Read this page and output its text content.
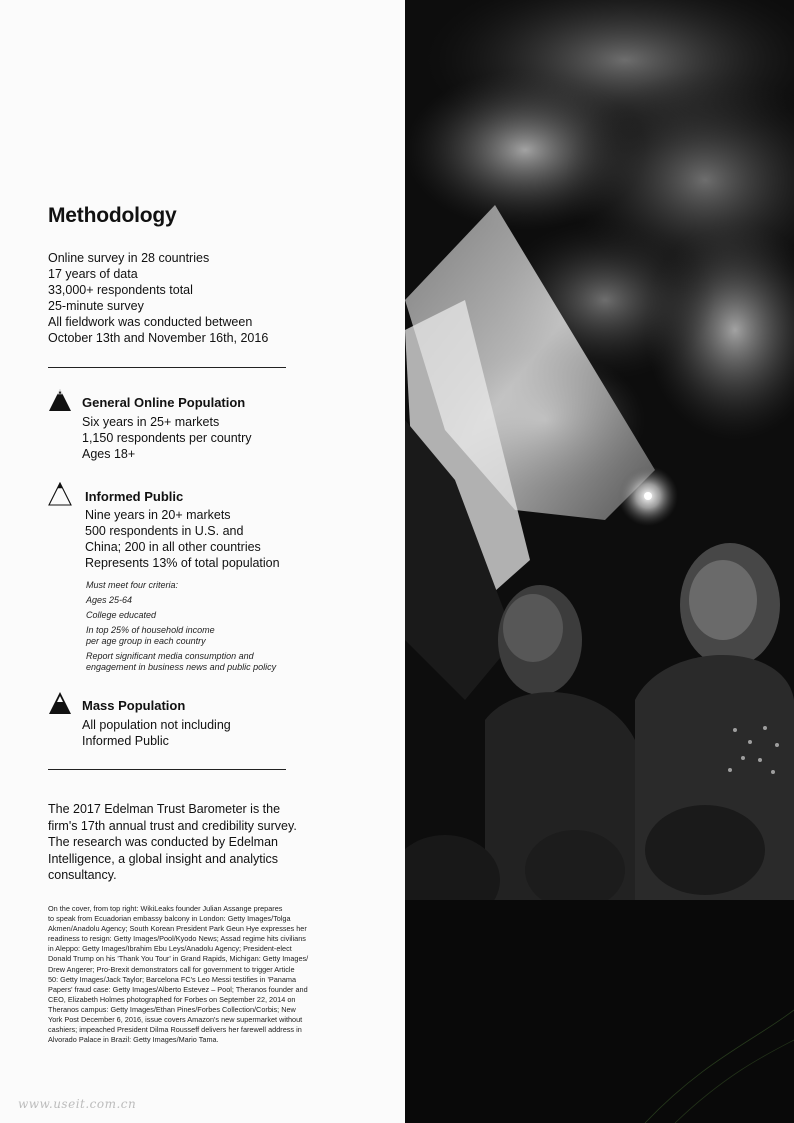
Methodology
Online survey in 28 countries
17 years of data
33,000+ respondents total
25-minute survey
All fieldwork was conducted between
October 13th and November 16th, 2016
General Online Population
Six years in 25+ markets
1,150 respondents per country
Ages 18+
Informed Public
Nine years in 20+ markets
500 respondents in U.S. and
China; 200 in all other countries
Represents 13% of total population
Must meet four criteria:
Ages 25-64
College educated
In top 25% of household income
per age group in each country
Report significant media consumption and
engagement in business news and public policy
Mass Population
All population not including
Informed Public
The 2017 Edelman Trust Barometer is the
firm's 17th annual trust and credibility survey.
The research was conducted by Edelman
Intelligence, a global insight and analytics
consultancy.
On the cover, from top right: WikiLeaks founder Julian Assange prepares
to speak from Ecuadorian embassy balcony in London: Getty Images/Tolga
Akmen/Anadolu Agency; South Korean President Park Geun Hye expresses her
readiness to resign: Getty Images/Pool/Kyodo News; Assad regime hits civilians
in Aleppo: Getty Images/Ibrahim Ebu Leys/Anadolu Agency; President-elect
Donald Trump on his 'Thank You Tour' in Grand Rapids, Michigan: Getty Images/
Drew Angerer; Pro-Brexit demonstrators call for government to trigger Article
50: Getty Images/Jack Taylor; Barcelona FC's Leo Messi testifies in 'Panama
Papers' fraud case: Getty Images/Alberto Estevez – Pool; Theranos founder and
CEO, Elizabeth Holmes photographed for Forbes on September 22, 2014 on
Theranos campus: Getty Images/Ethan Pines/Forbes Collection/Corbis; New
York Post December 6, 2016, issue covers Amazon's new supermarket without
cashiers; impeached President Dilma Rousseff delivers her farewell address in
Alvorado Palace in Brazil: Getty Images/Mario Tama.
www.useit.com.cn
